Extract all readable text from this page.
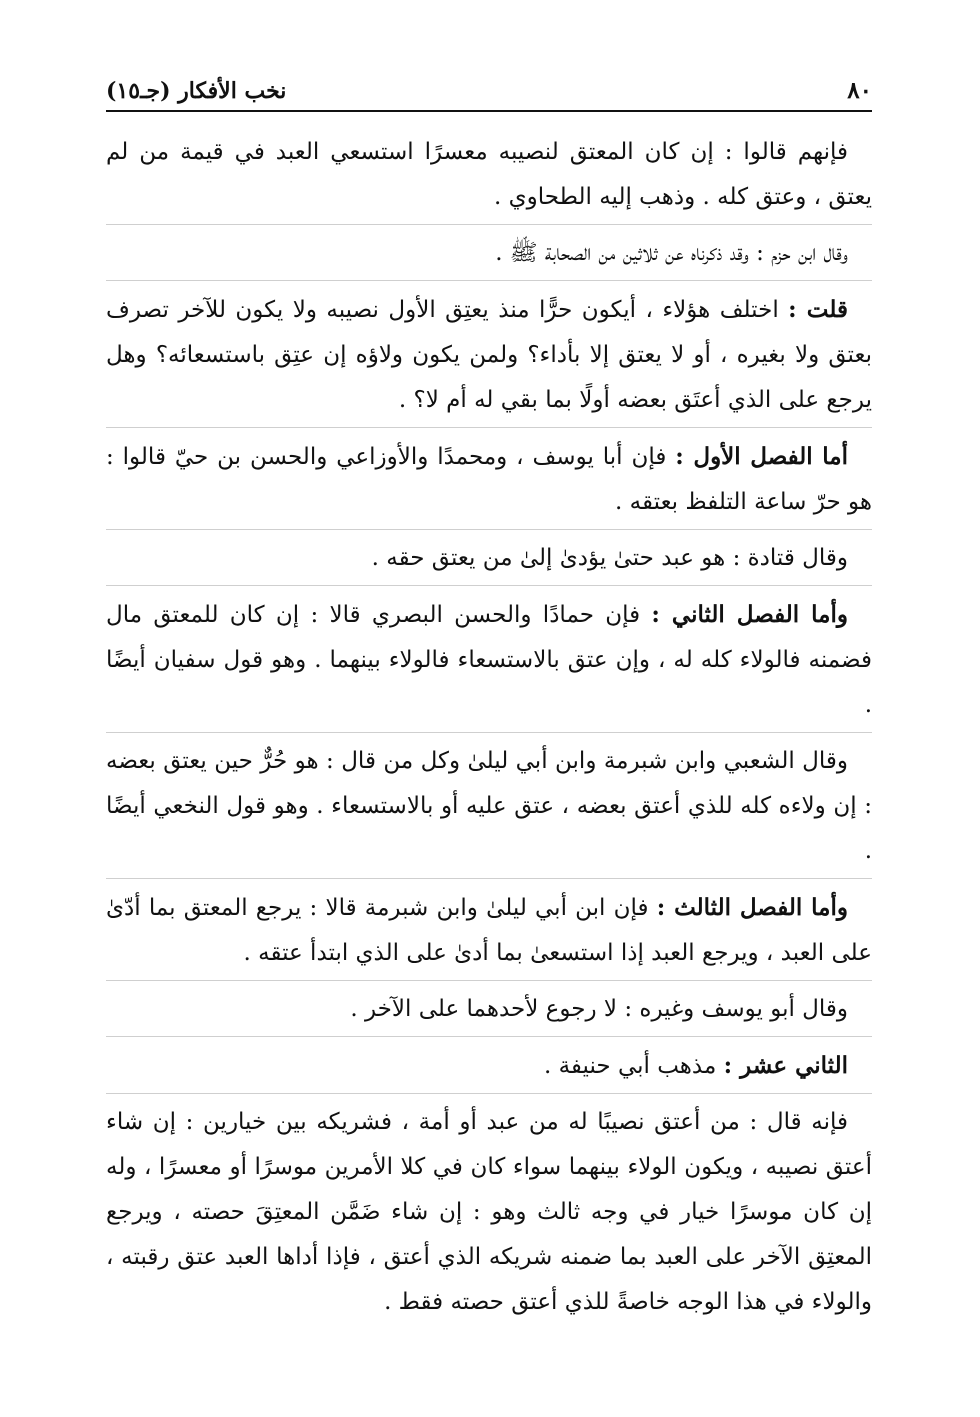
٨٠
نخب الأفكار (جـ١٥)

فإنهم قالوا : إن كان المعتق لنصيبه معسرًا استسعي العبد في قيمة من لم يعتق ، وعتق كله . وذهب إليه الطحاوي .

وقال ابن حزم : وقد ذكرناه عن ثلاثين من الصحابة ﷺ .

قلت : اختلف هؤلاء ، أيكون حرًّا منذ يعتِق الأول نصيبه ولا يكون للآخر تصرف بعتق ولا بغيره ، أو لا يعتق إلا بأداء؟ ولمن يكون ولاؤه إن عتِق باستسعائه؟ وهل يرجع على الذي أعتَق بعضه أولًا بما بقي له أم لا؟ .

أما الفصل الأول : فإن أبا يوسف ، ومحمدًا والأوزاعي والحسن بن حيّ قالوا : هو حرّ ساعة التلفظ بعتقه .

وقال قتادة : هو عبد حتىٰ يؤدىٰ إلىٰ من يعتق حقه .

وأما الفصل الثاني : فإن حمادًا والحسن البصري قالا : إن كان للمعتق مال فضمنه فالولاء كله له ، وإن عتق بالاستسعاء فالولاء بينهما . وهو قول سفيان أيضًا .

وقال الشعبي وابن شبرمة وابن أبي ليلىٰ وكل من قال : هو حُرٌّ حين يعتق بعضه : إن ولاءه كله للذي أعتق بعضه ، عتق عليه أو بالاستسعاء . وهو قول النخعي أيضًا .

وأما الفصل الثالث : فإن ابن أبي ليلىٰ وابن شبرمة قالا : يرجع المعتق بما أدّىٰ على العبد ، ويرجع العبد إذا استسعىٰ بما أدىٰ على الذي ابتدأ عتقه .

وقال أبو يوسف وغيره : لا رجوع لأحدهما على الآخر .

الثاني عشر : مذهب أبي حنيفة .

فإنه قال : من أعتق نصيبًا له من عبد أو أمة ، فشريكه بين خيارين : إن شاء أعتق نصيبه ، ويكون الولاء بينهما سواء كان في كلا الأمرين موسرًا أو معسرًا ، وله إن كان موسرًا خيار في وجه ثالث وهو : إن شاء ضَمَّن المعتِقَ حصته ، ويرجع المعتِق الآخر على العبد بما ضمنه شريكه الذي أعتق ، فإذا أداها العبد عتق رقبته ، والولاء في هذا الوجه خاصةً للذي أعتق حصته فقط .
